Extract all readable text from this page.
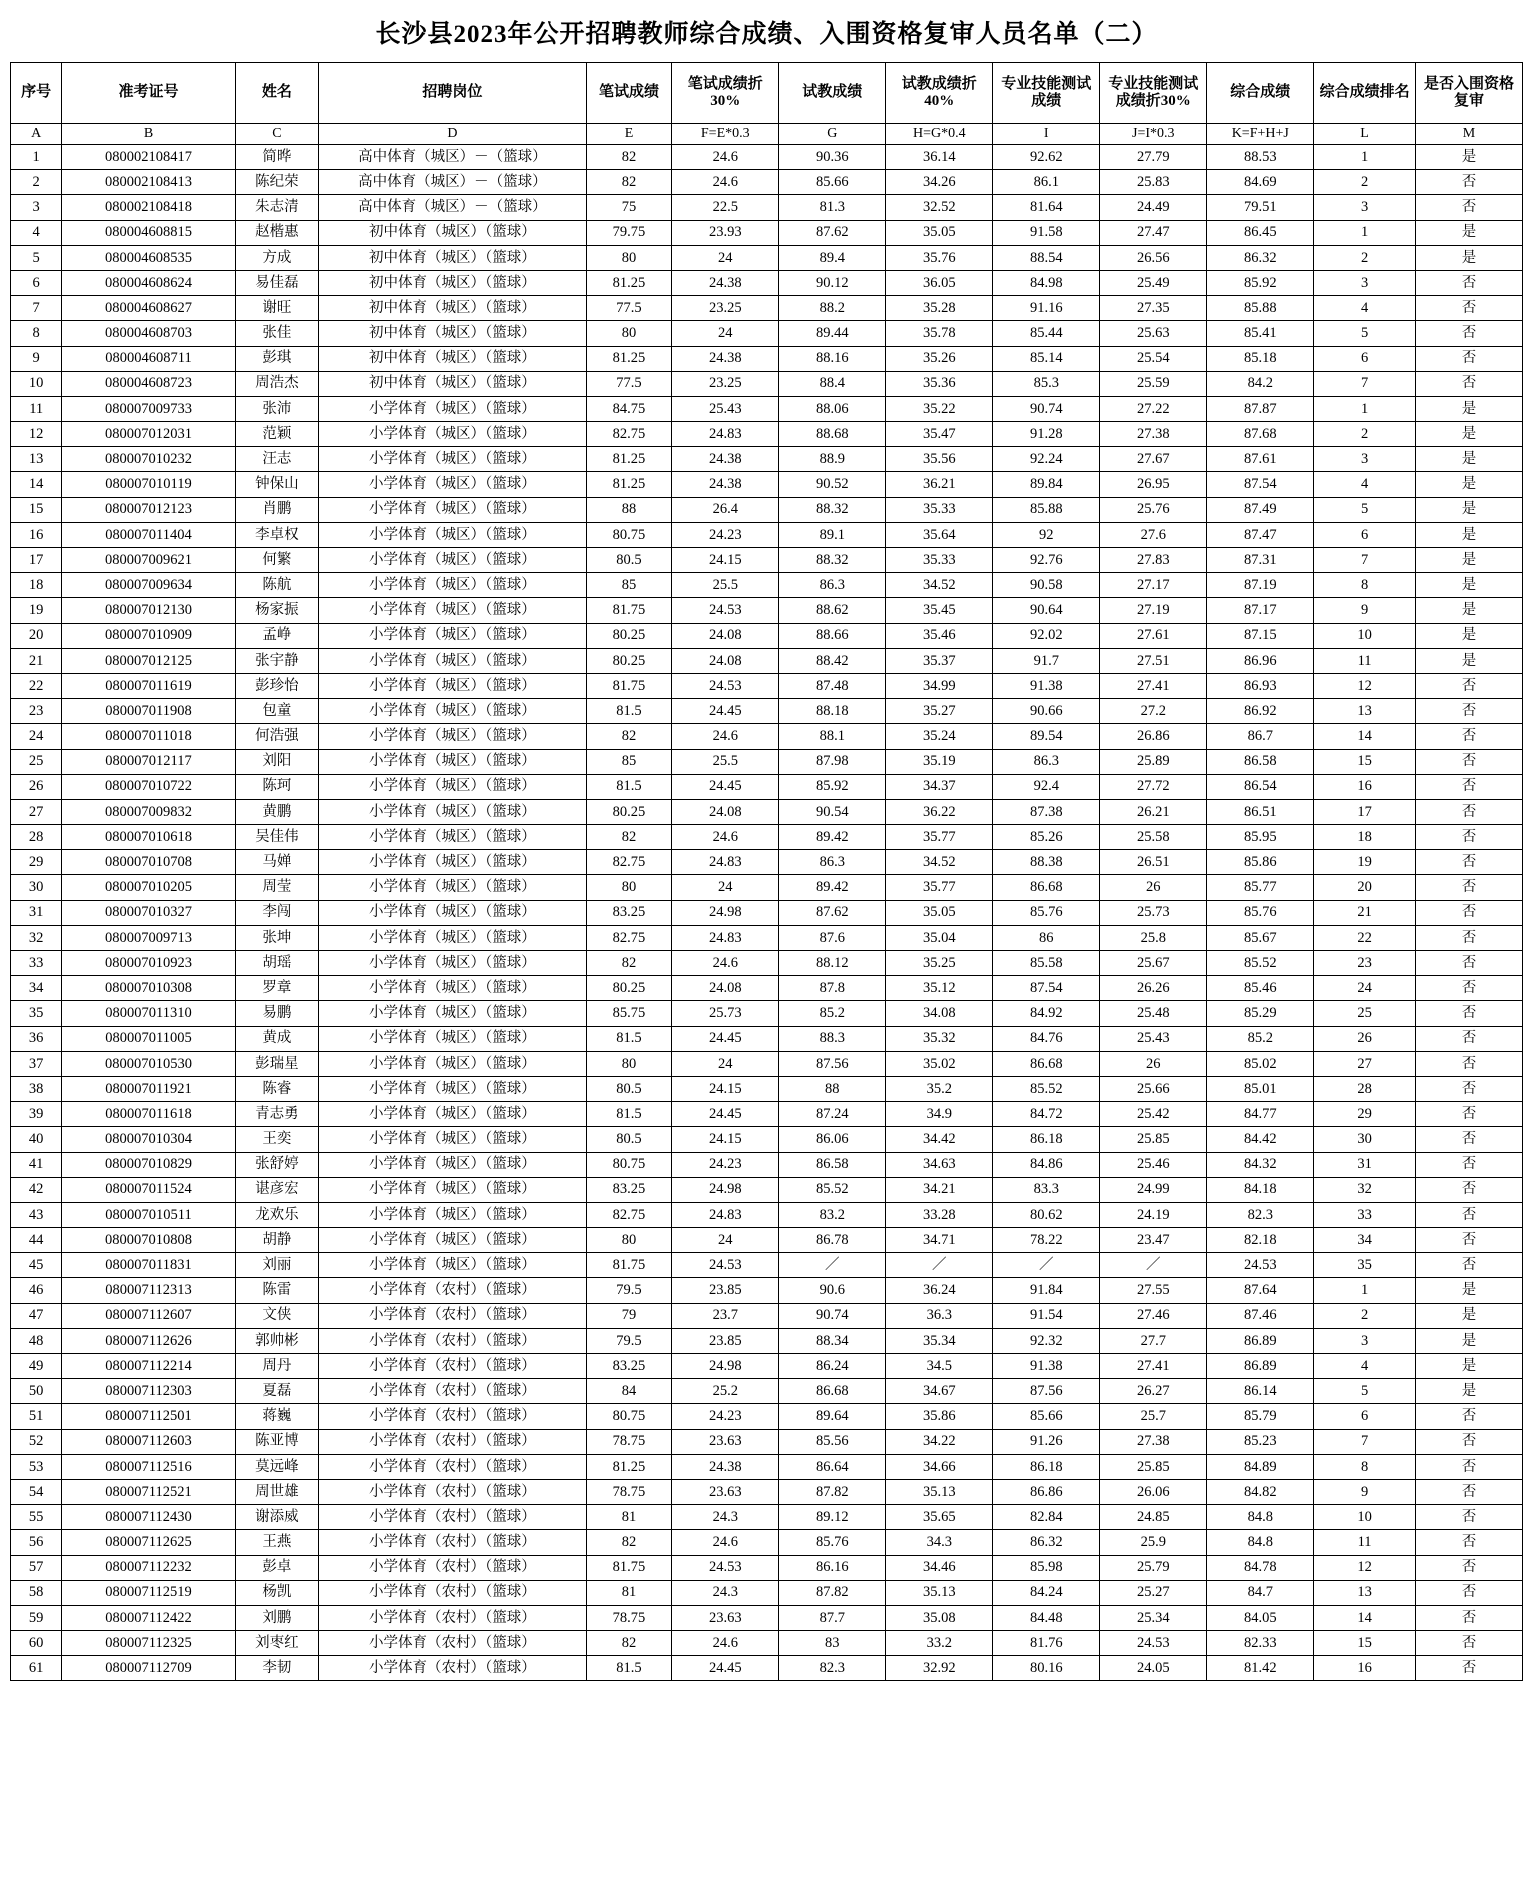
长沙县2023年公开招聘教师综合成绩、入围资格复审人员名单（二）
序号	准考证号	姓名	招聘岗位	笔试成绩	笔试成绩折30%	试教成绩	试教成绩折40%	专业技能测试成绩	专业技能测试成绩折30%	综合成绩	综合成绩排名	是否入围资格复审

A	B	C	D	E	F=E*0.3	G	H=G*0.4	I	J=I*0.3	K=F+H+J	L	M
1	080002108417	简晔	高中体育（城区）－（篮球）	82	24.6	90.36	36.14	92.62	27.79	88.53	1	是
2	080002108413	陈纪荣	高中体育（城区）－（篮球）	82	24.6	85.66	34.26	86.1	25.83	84.69	2	否
3	080002108418	朱志清	高中体育（城区）－（篮球）	75	22.5	81.3	32.52	81.64	24.49	79.51	3	否
4	080004608815	赵楷惠	初中体育（城区）（篮球）	79.75	23.93	87.62	35.05	91.58	27.47	86.45	1	是
5	080004608535	方成	初中体育（城区）（篮球）	80	24	89.4	35.76	88.54	26.56	86.32	2	是
6	080004608624	易佳磊	初中体育（城区）（篮球）	81.25	24.38	90.12	36.05	84.98	25.49	85.92	3	否
7	080004608627	谢旺	初中体育（城区）（篮球）	77.5	23.25	88.2	35.28	91.16	27.35	85.88	4	否
8	080004608703	张佳	初中体育（城区）（篮球）	80	24	89.44	35.78	85.44	25.63	85.41	5	否
9	080004608711	彭琪	初中体育（城区）（篮球）	81.25	24.38	88.16	35.26	85.14	25.54	85.18	6	否
10	080004608723	周浩杰	初中体育（城区）（篮球）	77.5	23.25	88.4	35.36	85.3	25.59	84.2	7	否
11	080007009733	张沛	小学体育（城区）（篮球）	84.75	25.43	88.06	35.22	90.74	27.22	87.87	1	是
12	080007012031	范颖	小学体育（城区）（篮球）	82.75	24.83	88.68	35.47	91.28	27.38	87.68	2	是
13	080007010232	汪志	小学体育（城区）（篮球）	81.25	24.38	88.9	35.56	92.24	27.67	87.61	3	是
14	080007010119	钟保山	小学体育（城区）（篮球）	81.25	24.38	90.52	36.21	89.84	26.95	87.54	4	是
15	080007012123	肖鹏	小学体育（城区）（篮球）	88	26.4	88.32	35.33	85.88	25.76	87.49	5	是
16	080007011404	李卓权	小学体育（城区）（篮球）	80.75	24.23	89.1	35.64	92	27.6	87.47	6	是
17	080007009621	何繁	小学体育（城区）（篮球）	80.5	24.15	88.32	35.33	92.76	27.83	87.31	7	是
18	080007009634	陈航	小学体育（城区）（篮球）	85	25.5	86.3	34.52	90.58	27.17	87.19	8	是
19	080007012130	杨家振	小学体育（城区）（篮球）	81.75	24.53	88.62	35.45	90.64	27.19	87.17	9	是
20	080007010909	孟峥	小学体育（城区）（篮球）	80.25	24.08	88.66	35.46	92.02	27.61	87.15	10	是
21	080007012125	张宇静	小学体育（城区）（篮球）	80.25	24.08	88.42	35.37	91.7	27.51	86.96	11	是
22	080007011619	彭珍怡	小学体育（城区）（篮球）	81.75	24.53	87.48	34.99	91.38	27.41	86.93	12	否
23	080007011908	包童	小学体育（城区）（篮球）	81.5	24.45	88.18	35.27	90.66	27.2	86.92	13	否
24	080007011018	何浩强	小学体育（城区）（篮球）	82	24.6	88.1	35.24	89.54	26.86	86.7	14	否
25	080007012117	刘阳	小学体育（城区）（篮球）	85	25.5	87.98	35.19	86.3	25.89	86.58	15	否
26	080007010722	陈珂	小学体育（城区）（篮球）	81.5	24.45	85.92	34.37	92.4	27.72	86.54	16	否
27	080007009832	黄鹏	小学体育（城区）（篮球）	80.25	24.08	90.54	36.22	87.38	26.21	86.51	17	否
28	080007010618	吴佳伟	小学体育（城区）（篮球）	82	24.6	89.42	35.77	85.26	25.58	85.95	18	否
29	080007010708	马婵	小学体育（城区）（篮球）	82.75	24.83	86.3	34.52	88.38	26.51	85.86	19	否
30	080007010205	周莹	小学体育（城区）（篮球）	80	24	89.42	35.77	86.68	26	85.77	20	否
31	080007010327	李闯	小学体育（城区）（篮球）	83.25	24.98	87.62	35.05	85.76	25.73	85.76	21	否
32	080007009713	张坤	小学体育（城区）（篮球）	82.75	24.83	87.6	35.04	86	25.8	85.67	22	否
33	080007010923	胡瑶	小学体育（城区）（篮球）	82	24.6	88.12	35.25	85.58	25.67	85.52	23	否
34	080007010308	罗章	小学体育（城区）（篮球）	80.25	24.08	87.8	35.12	87.54	26.26	85.46	24	否
35	080007011310	易鹏	小学体育（城区）（篮球）	85.75	25.73	85.2	34.08	84.92	25.48	85.29	25	否
36	080007011005	黄成	小学体育（城区）（篮球）	81.5	24.45	88.3	35.32	84.76	25.43	85.2	26	否
37	080007010530	彭瑞星	小学体育（城区）（篮球）	80	24	87.56	35.02	86.68	26	85.02	27	否
38	080007011921	陈睿	小学体育（城区）（篮球）	80.5	24.15	88	35.2	85.52	25.66	85.01	28	否
39	080007011618	青志勇	小学体育（城区）（篮球）	81.5	24.45	87.24	34.9	84.72	25.42	84.77	29	否
40	080007010304	王奕	小学体育（城区）（篮球）	80.5	24.15	86.06	34.42	86.18	25.85	84.42	30	否
41	080007010829	张舒婷	小学体育（城区）（篮球）	80.75	24.23	86.58	34.63	84.86	25.46	84.32	31	否
42	080007011524	谌彦宏	小学体育（城区）（篮球）	83.25	24.98	85.52	34.21	83.3	24.99	84.18	32	否
43	080007010511	龙欢乐	小学体育（城区）（篮球）	82.75	24.83	83.2	33.28	80.62	24.19	82.3	33	否
44	080007010808	胡静	小学体育（城区）（篮球）	80	24	86.78	34.71	78.22	23.47	82.18	34	否
45	080007011831	刘丽	小学体育（城区）（篮球）	81.75	24.53	／	／	／	／	24.53	35	否
46	080007112313	陈雷	小学体育（农村）（篮球）	79.5	23.85	90.6	36.24	91.84	27.55	87.64	1	是
47	080007112607	文侠	小学体育（农村）（篮球）	79	23.7	90.74	36.3	91.54	27.46	87.46	2	是
48	080007112626	郭帅彬	小学体育（农村）（篮球）	79.5	23.85	88.34	35.34	92.32	27.7	86.89	3	是
49	080007112214	周丹	小学体育（农村）（篮球）	83.25	24.98	86.24	34.5	91.38	27.41	86.89	4	是
50	080007112303	夏磊	小学体育（农村）（篮球）	84	25.2	86.68	34.67	87.56	26.27	86.14	5	是
51	080007112501	蒋巍	小学体育（农村）（篮球）	80.75	24.23	89.64	35.86	85.66	25.7	85.79	6	否
52	080007112603	陈亚博	小学体育（农村）（篮球）	78.75	23.63	85.56	34.22	91.26	27.38	85.23	7	否
53	080007112516	莫远峰	小学体育（农村）（篮球）	81.25	24.38	86.64	34.66	86.18	25.85	84.89	8	否
54	080007112521	周世雄	小学体育（农村）（篮球）	78.75	23.63	87.82	35.13	86.86	26.06	84.82	9	否
55	080007112430	谢添威	小学体育（农村）（篮球）	81	24.3	89.12	35.65	82.84	24.85	84.8	10	否
56	080007112625	王燕	小学体育（农村）（篮球）	82	24.6	85.76	34.3	86.32	25.9	84.8	11	否
57	080007112232	彭卓	小学体育（农村）（篮球）	81.75	24.53	86.16	34.46	85.98	25.79	84.78	12	否
58	080007112519	杨凯	小学体育（农村）（篮球）	81	24.3	87.82	35.13	84.24	25.27	84.7	13	否
59	080007112422	刘鹏	小学体育（农村）（篮球）	78.75	23.63	87.7	35.08	84.48	25.34	84.05	14	否
60	080007112325	刘枣红	小学体育（农村）（篮球）	82	24.6	83	33.2	81.76	24.53	82.33	15	否
61	080007112709	李韧	小学体育（农村）（篮球）	81.5	24.45	82.3	32.92	80.16	24.05	81.42	16	否
